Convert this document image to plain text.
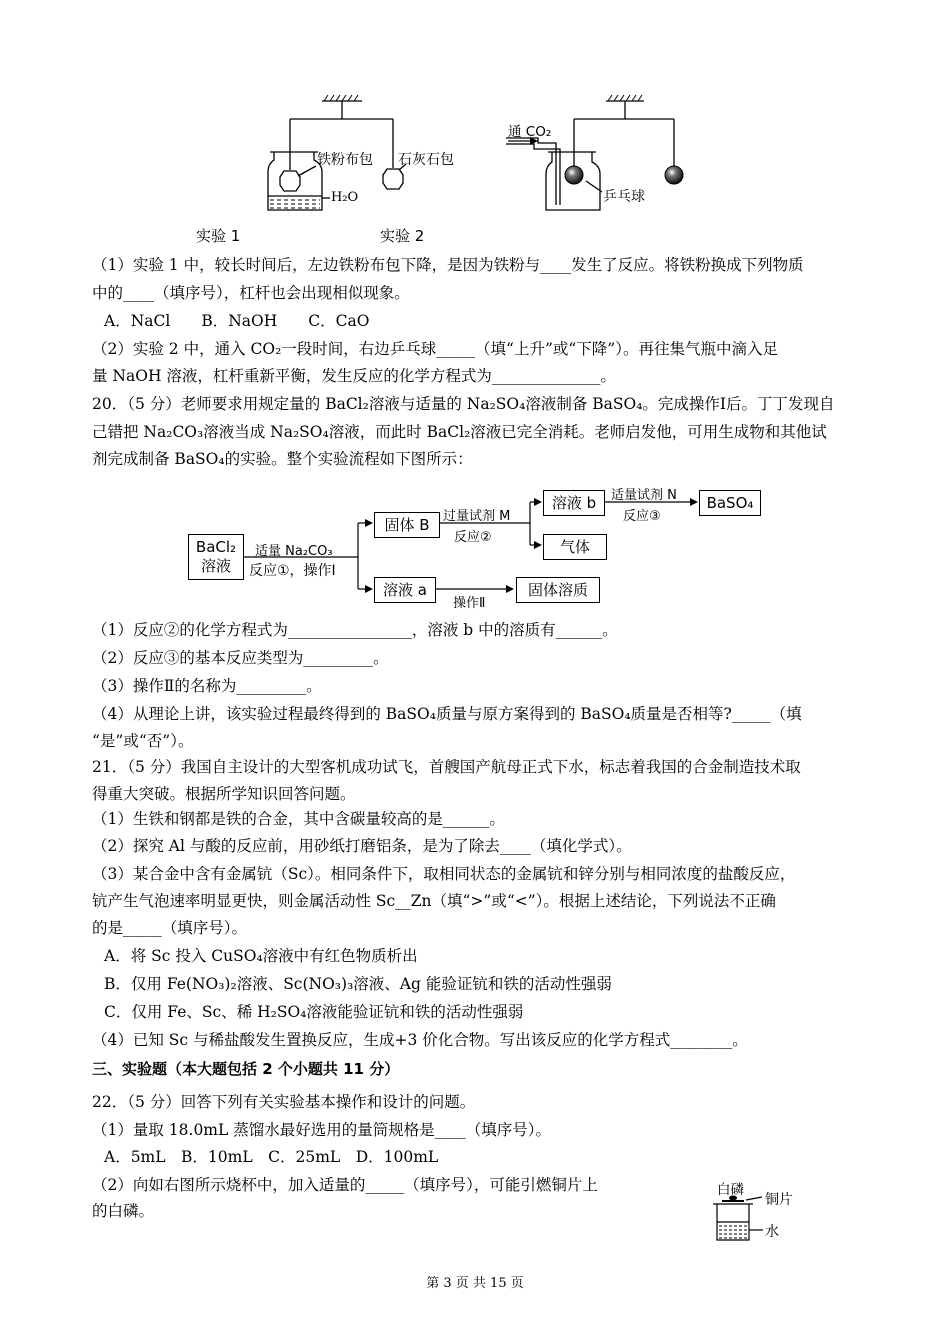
铁粉布包
H₂O
石灰石包
通 CO₂
乒乓球
实验 1	实验 2
（1）实验 1 中，较长时间后，左边铁粉布包下降，是因为铁粉与____发生了反应。将铁粉换成下列物质
中的____（填序号），杠杆也会出现相似现象。
A．NaCl　　B．NaOH　　C．CaO
（2）实验 2 中，通入 CO₂一段时间，右边乒乓球_____（填“上升”或“下降”）。再往集气瓶中滴入足
量 NaOH 溶液，杠杆重新平衡，发生反应的化学方程式为______________。
20．（5 分）老师要求用规定量的 BaCl₂溶液与适量的 Na₂SO₄溶液制备 BaSO₄。完成操作Ⅰ后。丁丁发现自
己错把 Na₂CO₃溶液当成 Na₂SO₄溶液，而此时 BaCl₂溶液已完全消耗。老师启发他，可用生成物和其他试
剂完成制备 BaSO₄的实验。整个实验流程如下图所示：
BaCl₂
溶液
适量 Na₂CO₃
反应①，操作Ⅰ
固体 B	过量试剂 M
反应②
溶液 b	适量试剂 N
反应③
BaSO₄
气体
溶液 a
操作Ⅱ
固体溶质
（1）反应②的化学方程式为________________，溶液 b 中的溶质有______。
（2）反应③的基本反应类型为_________。
（3）操作Ⅱ的名称为_________。
（4）从理论上讲，该实验过程最终得到的 BaSO₄质量与原方案得到的 BaSO₄质量是否相等?_____（填
“是”或“否”）。
21．（5 分）我国自主设计的大型客机成功试飞，首艘国产航母正式下水，标志着我国的合金制造技术取
得重大突破。根据所学知识回答问题。
（1）生铁和钢都是铁的合金，其中含碳量较高的是______。
（2）探究 Al 与酸的反应前，用砂纸打磨铝条，是为了除去____（填化学式）。
（3）某合金中含有金属钪（Sc）。相同条件下，取相同状态的金属钪和锌分别与相同浓度的盐酸反应，
钪产生气泡速率明显更快，则金属活动性 Sc__Zn（填“>”或“<”）。根据上述结论，下列说法不正确
的是_____（填序号）。
A．将 Sc 投入 CuSO₄溶液中有红色物质析出
B．仅用 Fe(NO₃)₂溶液、Sc(NO₃)₃溶液、Ag 能验证钪和铁的活动性强弱
C．仅用 Fe、Sc、稀 H₂SO₄溶液能验证钪和铁的活动性强弱
（4）已知 Sc 与稀盐酸发生置换反应，生成+3 价化合物。写出该反应的化学方程式________。
三、实验题（本大题包括 2 个小题共 11 分）
22．（5 分）回答下列有关实验基本操作和设计的问题。
（1）量取 18.0mL 蒸馏水最好选用的量筒规格是____（填序号）。
A．5mL　B．10mL　C．25mL　D．100mL
（2）向如右图所示烧杯中，加入适量的_____（填序号），可能引燃铜片上
的白磷。
白磷
铜片
水
第 3 页 共 15 页
